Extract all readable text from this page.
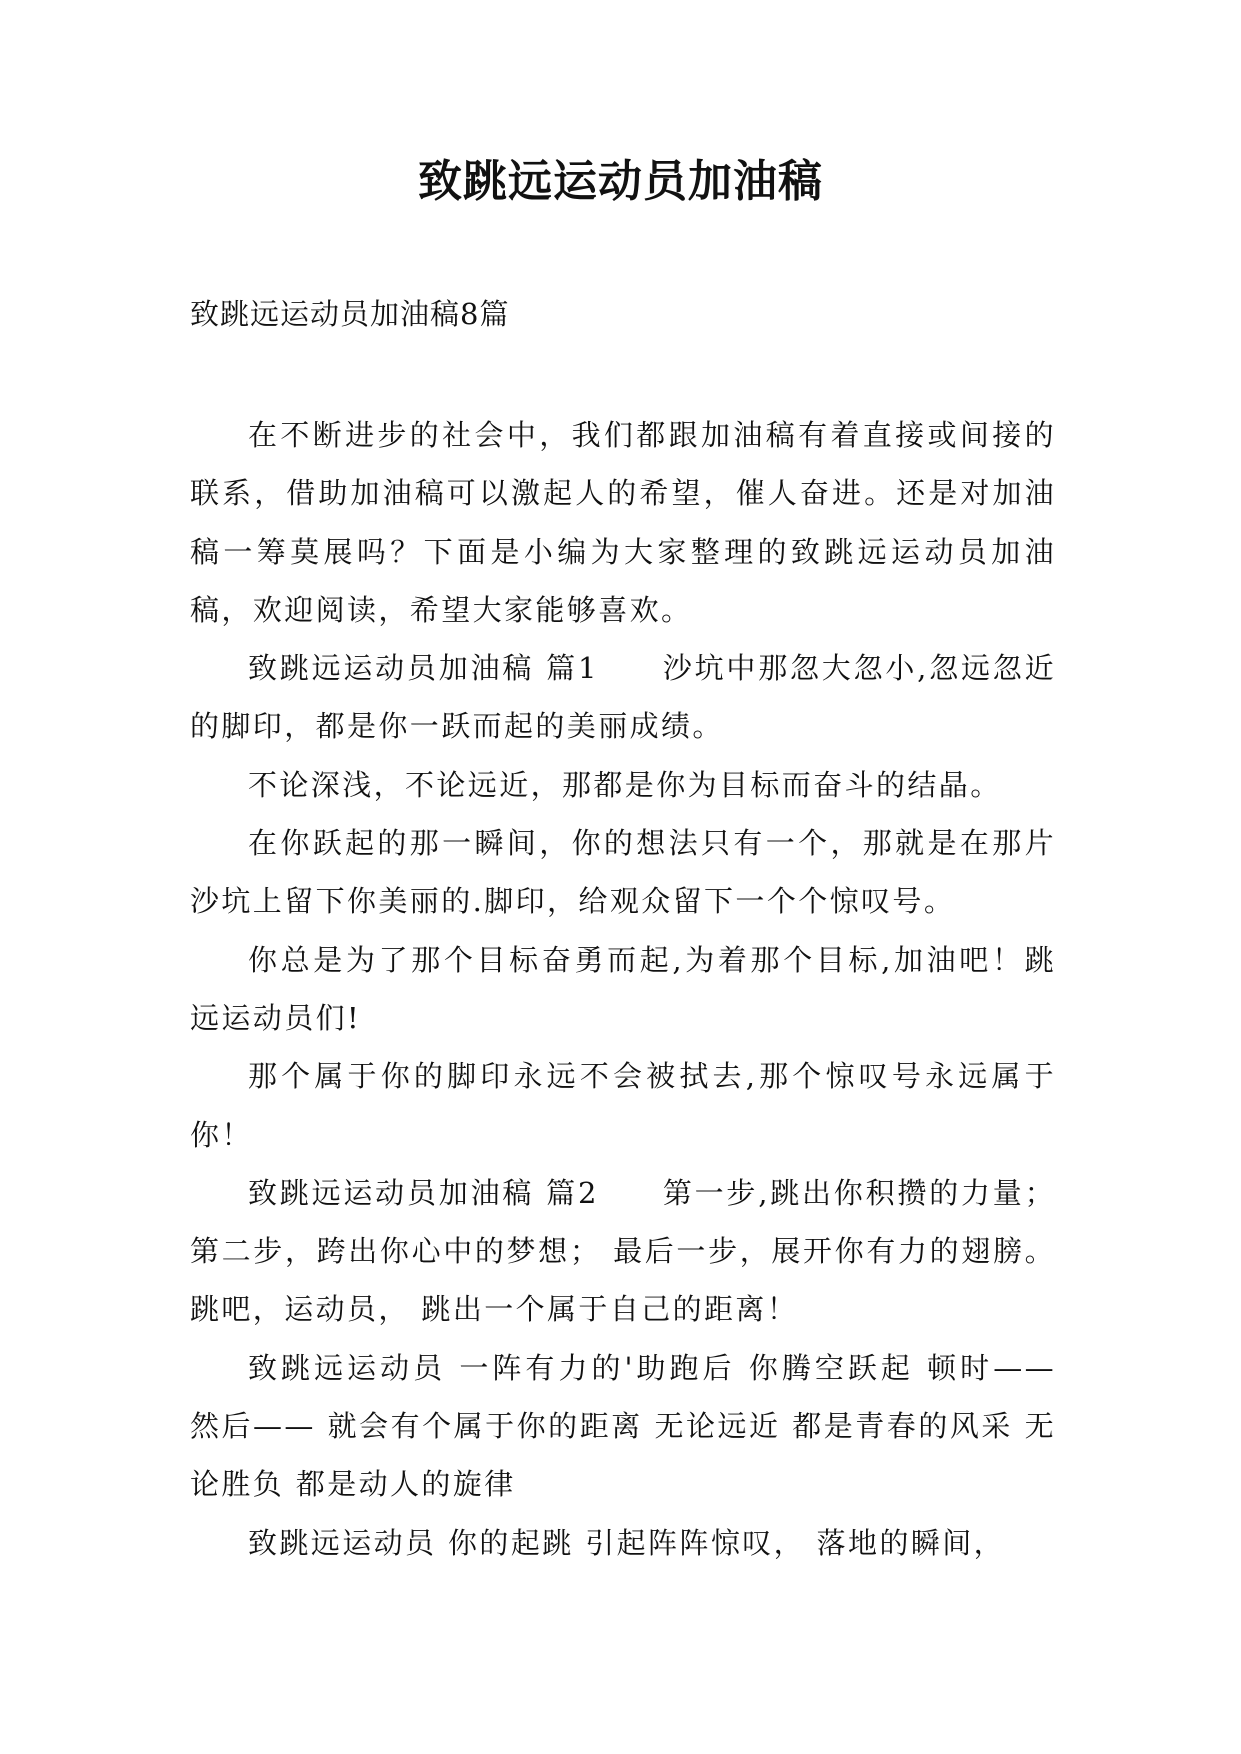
致跳远运动员加油稿

致跳远运动员加油稿8篇

在不断进步的社会中，我们都跟加油稿有着直接或间接的联系，借助加油稿可以激起人的希望，催人奋进。还是对加油稿一筹莫展吗？下面是小编为大家整理的致跳远运动员加油稿，欢迎阅读，希望大家能够喜欢。

致跳远运动员加油稿 篇1　　沙坑中那忽大忽小,忽远忽近的脚印，都是你一跃而起的美丽成绩。

不论深浅，不论远近，那都是你为目标而奋斗的结晶。

在你跃起的那一瞬间，你的想法只有一个，那就是在那片沙坑上留下你美丽的.脚印，给观众留下一个个惊叹号。

你总是为了那个目标奋勇而起,为着那个目标,加油吧！跳远运动员们!

那个属于你的脚印永远不会被拭去,那个惊叹号永远属于你！

致跳远运动员加油稿 篇2　　第一步,跳出你积攒的力量； 第二步，跨出你心中的梦想； 最后一步，展开你有力的翅膀。 跳吧，运动员， 跳出一个属于自己的距离！

致跳远运动员 一阵有力的'助跑后 你腾空跃起 顿时—— 然后—— 就会有个属于你的距离 无论远近 都是青春的风采 无论胜负 都是动人的旋律

致跳远运动员 你的起跳 引起阵阵惊叹， 落地的瞬间，
